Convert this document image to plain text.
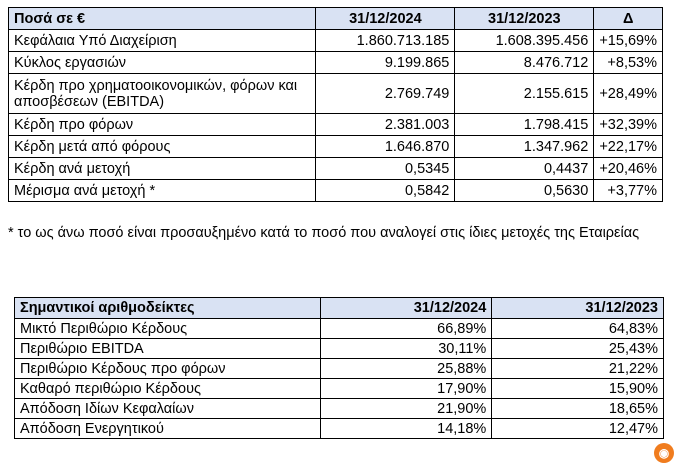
Ποσά σε €	31/12/2024	31/12/2023	Δ
Κεφάλαια Υπό Διαχείριση	1.860.713.185	1.608.395.456	+15,69%
Κύκλος εργασιών	9.199.865	8.476.712	+8,53%
Κέρδη προ χρηματοοικονομικών, φόρων και αποσβέσεων (EBITDA)	2.769.749	2.155.615	+28,49%
Κέρδη προ φόρων	2.381.003	1.798.415	+32,39%
Κέρδη μετά από φόρους	1.646.870	1.347.962	+22,17%
Κέρδη ανά μετοχή	0,5345	0,4437	+20,46%
Μέρισμα ανά μετοχή *	0,5842	0,5630	+3,77%
* το ως άνω ποσό είναι προσαυξημένο κατά το ποσό που αναλογεί στις ίδιες μετοχές της Εταιρείας
Σημαντικοί αριθμοδείκτες	31/12/2024	31/12/2023
Μικτό Περιθώριο Κέρδους	66,89%	64,83%
Περιθώριο EBITDA	30,11%	25,43%
Περιθώριο Κέρδους προ φόρων	25,88%	21,22%
Καθαρό περιθώριο Κέρδους	17,90%	15,90%
Απόδοση Ιδίων Κεφαλαίων	21,90%	18,65%
Απόδοση Ενεργητικού	14,18%	12,47%
◉
